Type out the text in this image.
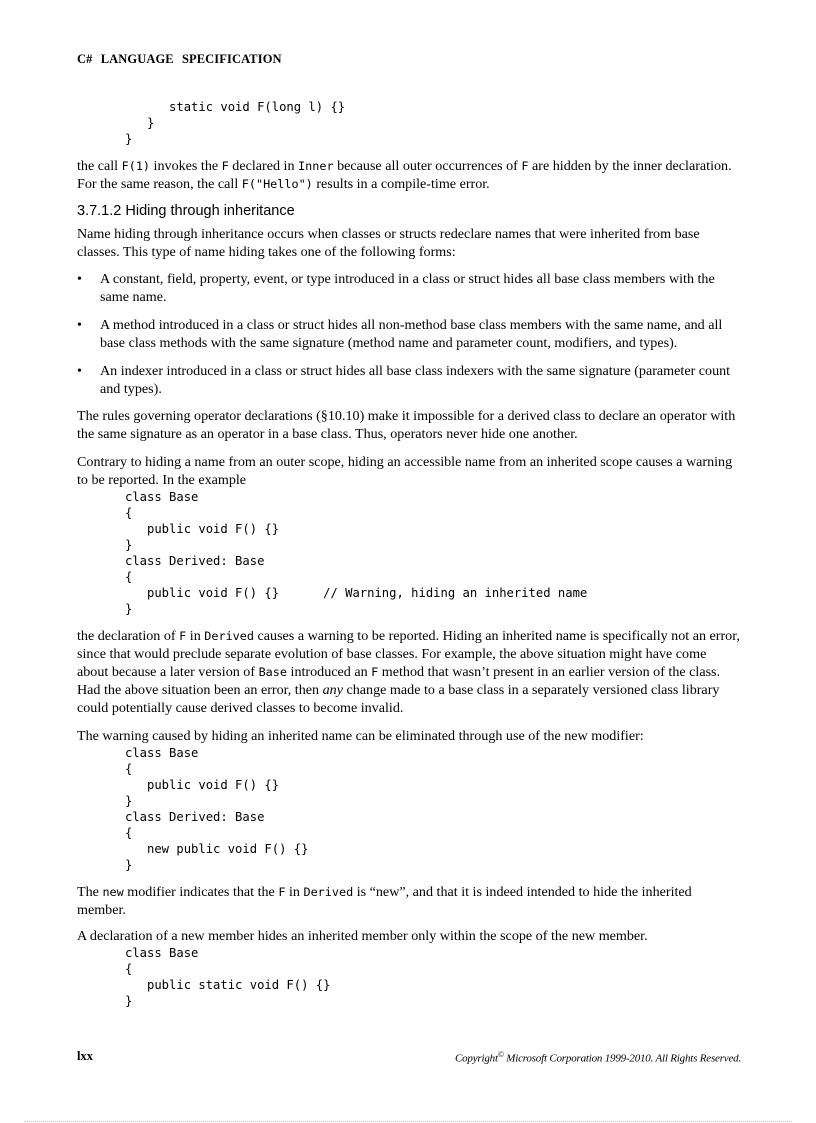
C# LANGUAGE SPECIFICATION
static void F(long l) {}
}
}

the call F(1) invokes the F declared in Inner because all outer occurrences of F are hidden by the inner declaration. For the same reason, the call F("Hello") results in a compile-time error.

3.7.1.2 Hiding through inheritance

Name hiding through inheritance occurs when classes or structs redeclare names that were inherited from base classes. This type of name hiding takes one of the following forms:

• A constant, field, property, event, or type introduced in a class or struct hides all base class members with the same name.
• A method introduced in a class or struct hides all non-method base class members with the same name, and all base class methods with the same signature (method name and parameter count, modifiers, and types).
• An indexer introduced in a class or struct hides all base class indexers with the same signature (parameter count and types).

The rules governing operator declarations (§10.10) make it impossible for a derived class to declare an operator with the same signature as an operator in a base class. Thus, operators never hide one another.

Contrary to hiding a name from an outer scope, hiding an accessible name from an inherited scope causes a warning to be reported. In the example

class Base
{
public void F() {}
}
class Derived: Base
{
public void F() {}      // Warning, hiding an inherited name
}

the declaration of F in Derived causes a warning to be reported. Hiding an inherited name is specifically not an error, since that would preclude separate evolution of base classes. For example, the above situation might have come about because a later version of Base introduced an F method that wasn’t present in an earlier version of the class. Had the above situation been an error, then any change made to a base class in a separately versioned class library could potentially cause derived classes to become invalid.

The warning caused by hiding an inherited name can be eliminated through use of the new modifier:

class Base
{
public void F() {}
}
class Derived: Base
{
new public void F() {}
}

The new modifier indicates that the F in Derived is “new”, and that it is indeed intended to hide the inherited member.

A declaration of a new member hides an inherited member only within the scope of the new member.

class Base
{
public static void F() {}
}
lxx	Copyright© Microsoft Corporation 1999-2010. All Rights Reserved.
